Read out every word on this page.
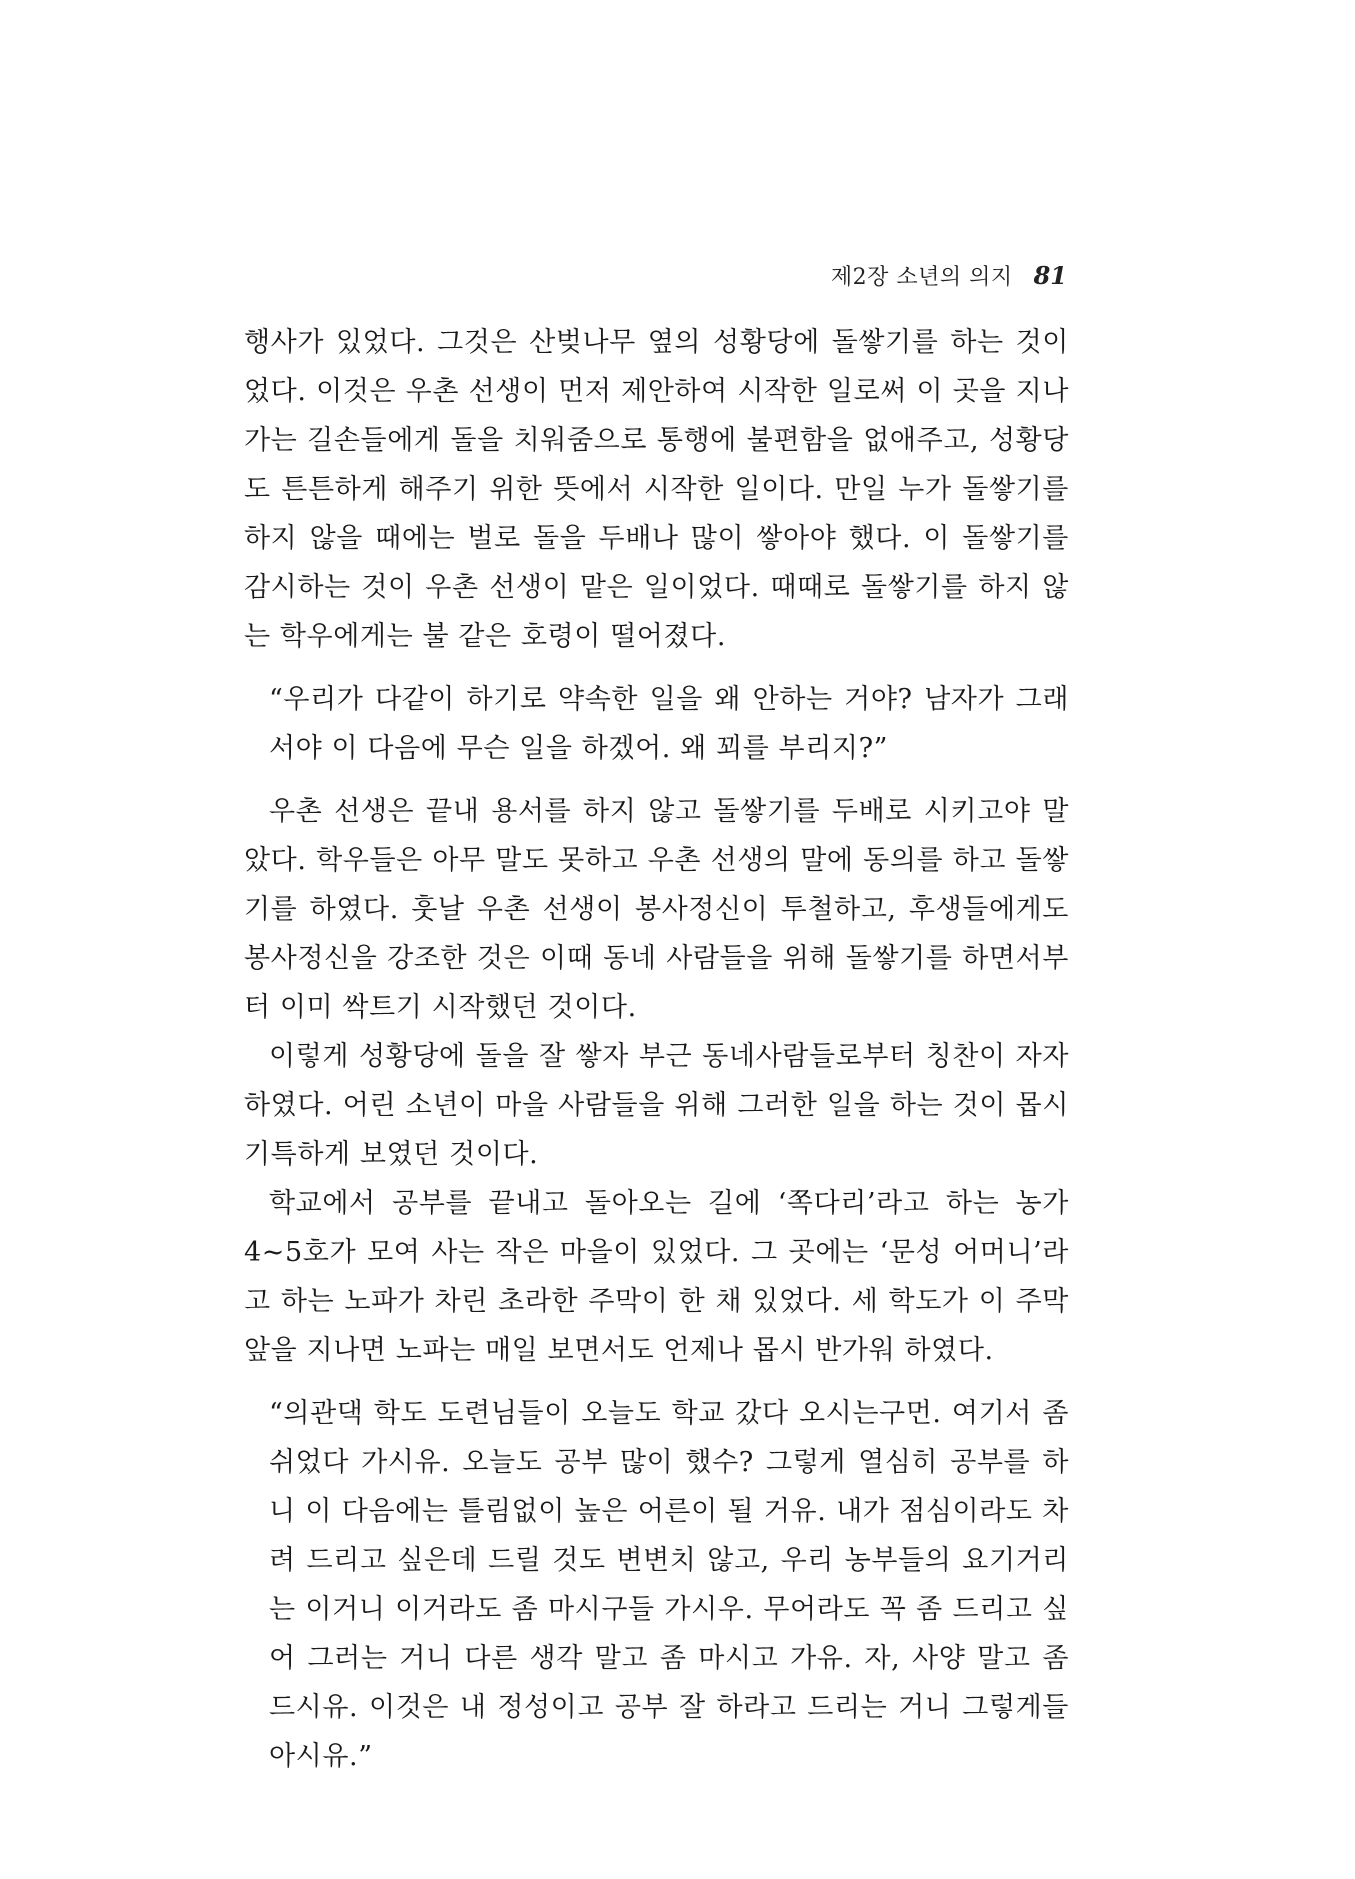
제2장 소년의 의지 81

행사가 있었다. 그것은 산벚나무 옆의 성황당에 돌쌓기를 하는 것이었다. 이것은 우촌 선생이 먼저 제안하여 시작한 일로써 이 곳을 지나가는 길손들에게 돌을 치워줌으로 통행에 불편함을 없애주고, 성황당도 튼튼하게 해주기 위한 뜻에서 시작한 일이다. 만일 누가 돌쌓기를 하지 않을 때에는 벌로 돌을 두배나 많이 쌓아야 했다. 이 돌쌓기를 감시하는 것이 우촌 선생이 맡은 일이었다. 때때로 돌쌓기를 하지 않는 학우에게는 불 같은 호령이 떨어졌다.

“우리가 다같이 하기로 약속한 일을 왜 안하는 거야? 남자가 그래서야 이 다음에 무슨 일을 하겠어. 왜 꾀를 부리지?”

우촌 선생은 끝내 용서를 하지 않고 돌쌓기를 두배로 시키고야 말았다. 학우들은 아무 말도 못하고 우촌 선생의 말에 동의를 하고 돌쌓기를 하였다. 훗날 우촌 선생이 봉사정신이 투철하고, 후생들에게도 봉사정신을 강조한 것은 이때 동네 사람들을 위해 돌쌓기를 하면서부터 이미 싹트기 시작했던 것이다.

이렇게 성황당에 돌을 잘 쌓자 부근 동네사람들로부터 칭찬이 자자하였다. 어린 소년이 마을 사람들을 위해 그러한 일을 하는 것이 몹시 기특하게 보였던 것이다.

학교에서 공부를 끝내고 돌아오는 길에 ‘쪽다리’라고 하는 농가 4~5호가 모여 사는 작은 마을이 있었다. 그 곳에는 ‘문성 어머니’라고 하는 노파가 차린 초라한 주막이 한 채 있었다. 세 학도가 이 주막 앞을 지나면 노파는 매일 보면서도 언제나 몹시 반가워 하였다.

“의관댁 학도 도련님들이 오늘도 학교 갔다 오시는구먼. 여기서 좀 쉬었다 가시유. 오늘도 공부 많이 했수? 그렇게 열심히 공부를 하니 이 다음에는 틀림없이 높은 어른이 될 거유. 내가 점심이라도 차려 드리고 싶은데 드릴 것도 변변치 않고, 우리 농부들의 요기거리는 이거니 이거라도 좀 마시구들 가시우. 무어라도 꼭 좀 드리고 싶어 그러는 거니 다른 생각 말고 좀 마시고 가유. 자, 사양 말고 좀 드시유. 이것은 내 정성이고 공부 잘 하라고 드리는 거니 그렇게들 아시유.”
